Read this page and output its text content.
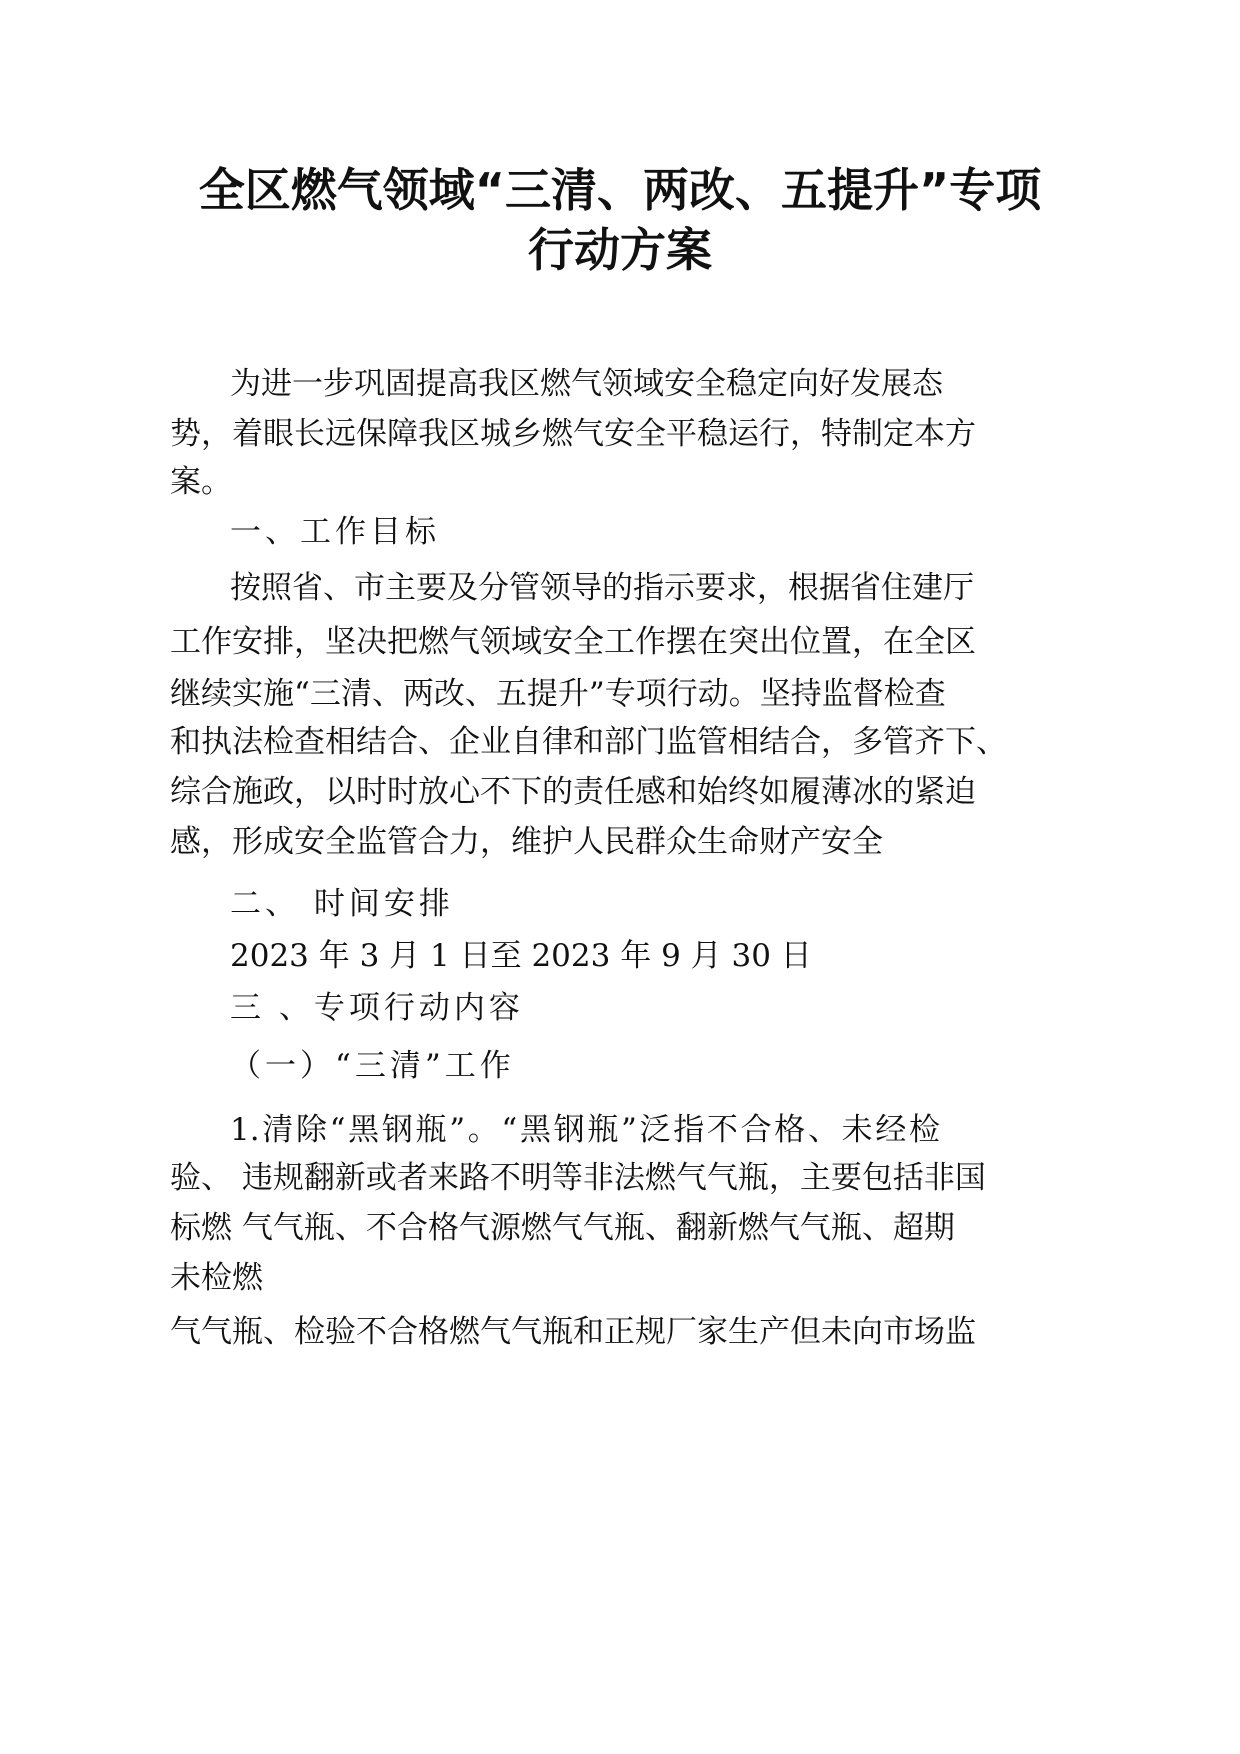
全区燃气领域“三清、两改、五提升”专项
行动方案
为进一步巩固提高我区燃气领域安全稳定向好发展态
势，着眼长远保障我区城乡燃气安全平稳运行，特制定本方
案。
一、工作目标
按照省、市主要及分管领导的指示要求，根据省住建厅
工作安排，坚决把燃气领域安全工作摆在突出位置，在全区
继续实施“三清、两改、五提升”专项行动。坚持监督检查
和执法检查相结合、企业自律和部门监管相结合，多管齐下、
综合施政，以时时放心不下的责任感和始终如履薄冰的紧迫
感，形成安全监管合力，维护人民群众生命财产安全
二、 时间安排
2023 年 3 月 1 日至 2023 年 9 月 30 日
三 、专项行动内容
（一）“三清”工作
1.清除“黑钢瓶”。“黑钢瓶”泛指不合格、未经检
验、 违规翻新或者来路不明等非法燃气气瓶，主要包括非国
标燃 气气瓶、不合格气源燃气气瓶、翻新燃气气瓶、超期
未检燃
气气瓶、检验不合格燃气气瓶和正规厂家生产但未向市场监
